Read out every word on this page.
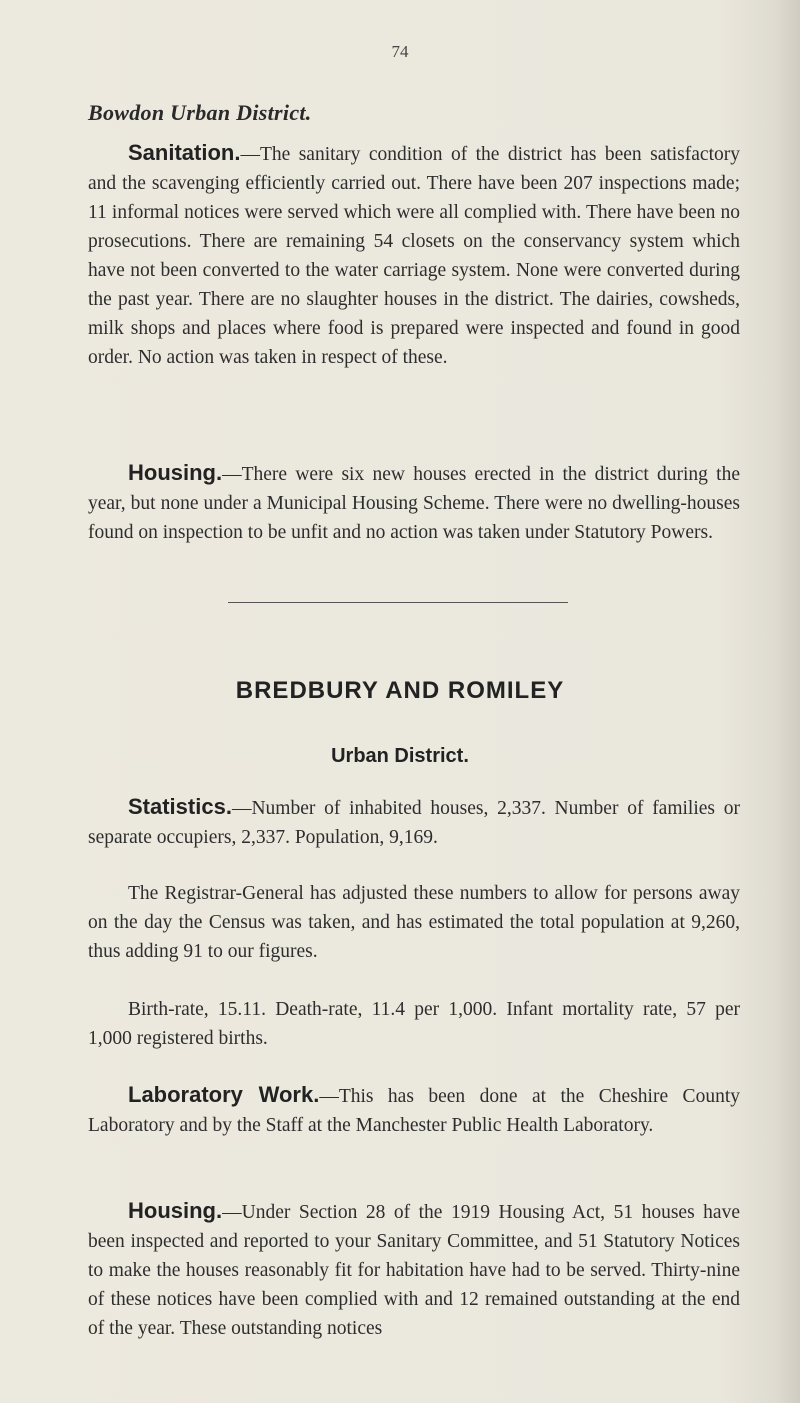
74
Bowdon Urban District.
Sanitation.—The sanitary condition of the district has been satisfactory and the scavenging efficiently carried out. There have been 207 inspections made; 11 informal notices were served which were all complied with. There have been no prosecutions. There are remaining 54 closets on the conservancy system which have not been converted to the water carriage system. None were converted during the past year. There are no slaughter houses in the district. The dairies, cowsheds, milk shops and places where food is prepared were inspected and found in good order. No action was taken in respect of these.
Housing.—There were six new houses erected in the district during the year, but none under a Municipal Housing Scheme. There were no dwelling-houses found on inspection to be unfit and no action was taken under Statutory Powers.
BREDBURY AND ROMILEY
Urban District.
Statistics.—Number of inhabited houses, 2,337. Number of families or separate occupiers, 2,337. Population, 9,169.
The Registrar-General has adjusted these numbers to allow for persons away on the day the Census was taken, and has estimated the total population at 9,260, thus adding 91 to our figures.
Birth-rate, 15.11. Death-rate, 11.4 per 1,000. Infant mortality rate, 57 per 1,000 registered births.
Laboratory Work.—This has been done at the Cheshire County Laboratory and by the Staff at the Manchester Public Health Laboratory.
Housing.—Under Section 28 of the 1919 Housing Act, 51 houses have been inspected and reported to your Sanitary Committee, and 51 Statutory Notices to make the houses reasonably fit for habitation have had to be served. Thirty-nine of these notices have been complied with and 12 remained outstanding at the end of the year. These outstanding notices
